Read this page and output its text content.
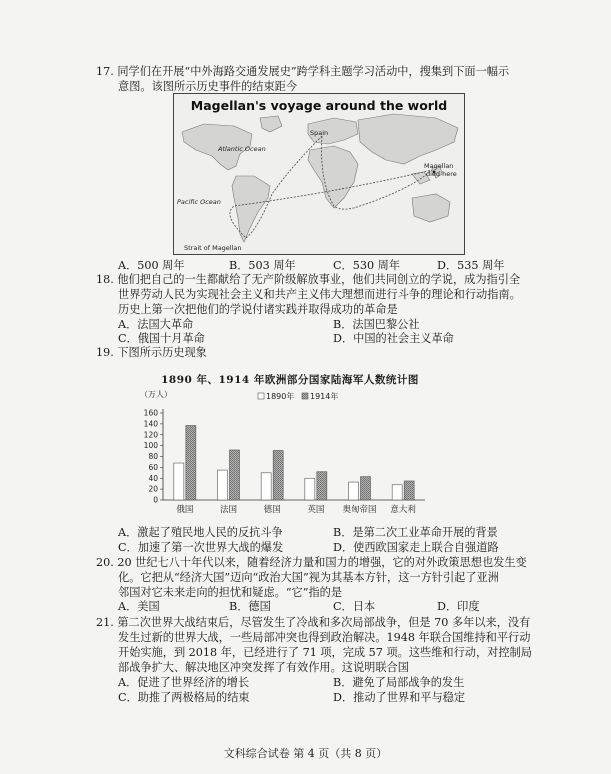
17. 同学们在开展“中外海路交通发展史”跨学科主题学习活动中，搜集到下面一幅示
意图。该图所示历史事件的结束距今
Magellan's voyage around the world
Spain
Atlantic Ocean
Pacific Ocean
Magellan
died here
Strait of Magellan
A．500 周年	B．503 周年	C．530 周年	D．535 周年
18. 他们把自己的一生都献给了无产阶级解放事业，他们共同创立的学说，成为指引全
世界劳动人民为实现社会主义和共产主义伟大理想而进行斗争的理论和行动指南。
历史上第一次把他们的学说付诸实践并取得成功的革命是
A．法国大革命	B．法国巴黎公社
C．俄国十月革命	D．中国的社会主义革命
19. 下图所示历史现象
1890 年、1914 年欧洲部分国家陆海军人数统计图
（万人）
0
20
40
60
80
100
120
140
160
俄国	法国	德国	英国 奥匈帝国 意大利
1890年 1914年
A．激起了殖民地人民的反抗斗争	B．是第二次工业革命开展的背景
C．加速了第一次世界大战的爆发	D．使西欧国家走上联合自强道路
20. 20 世纪七八十年代以来，随着经济力量和国力的增强，它的对外政策思想也发生变
化。它把从“经济大国”迈向“政治大国”视为其基本方针，这一方针引起了亚洲
邻国对它未来走向的担忧和疑虑。“它”指的是
A．美国	B．德国	C．日本	D．印度
21. 第二次世界大战结束后，尽管发生了冷战和多次局部战争，但是 70 多年以来，没有
发生过新的世界大战，一些局部冲突也得到政治解决。1948 年联合国维持和平行动
开始实施，到 2018 年，已经进行了 71 项，完成 57 项。这些维和行动，对控制局
部战争扩大、解决地区冲突发挥了有效作用。这说明联合国
A．促进了世界经济的增长	B．避免了局部战争的发生
C．助推了两极格局的结束	D．推动了世界和平与稳定
文科综合试卷 第 4 页（共 8 页）
